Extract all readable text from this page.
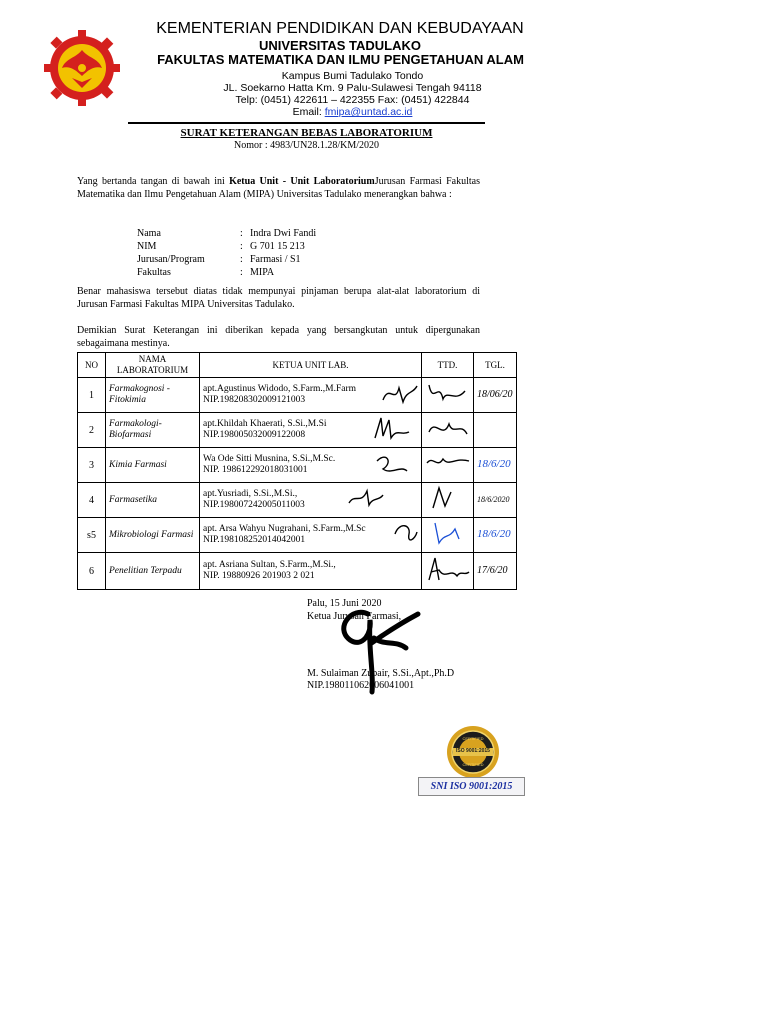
KEMENTERIAN PENDIDIKAN DAN KEBUDAYAAN
UNIVERSITAS TADULAKO
FAKULTAS MATEMATIKA DAN ILMU PENGETAHUAN ALAM
Kampus Bumi Tadulako Tondo
JL. Soekarno Hatta Km. 9 Palu-Sulawesi Tengah 94118
Telp: (0451) 422611 – 422355 Fax: (0451) 422844
Email: fmipa@untad.ac.id
SURAT KETERANGAN BEBAS LABORATORIUM
Nomor : 4983/UN28.1.28/KM/2020
Yang bertanda tangan di bawah ini Ketua Unit - Unit LaboratoriumJurusan Farmasi Fakultas Matematika dan Ilmu Pengetahuan Alam (MIPA) Universitas Tadulako menerangkan bahwa :
Nama	: Indra Dwi Fandi
NIM	: G 701 15 213
Jurusan/Program	: Farmasi / S1
Fakultas	: MIPA
Benar mahasiswa tersebut diatas tidak mempunyai pinjaman berupa alat-alat laboratorium di Jurusan Farmasi Fakultas MIPA Universitas Tadulako.
Demikian Surat Keterangan ini diberikan kepada yang bersangkutan untuk dipergunakan sebagaimana mestinya.
NO	NAMA LABORATORIUM	KETUA UNIT LAB.	TTD.	TGL.
1	Farmakognosi - Fitokimia	apt.Agustinus Widodo, S.Farm.,M.Farm
NIP.198208302009121003		18/06/20
2	Farmakologi-Biofarmasi	apt.Khildah Khaerati, S.Si.,M.Si
NIP.198005032009122008

3	Kimia Farmasi	Wa Ode Sitti Musnina, S.Si.,M.Sc.
NIP. 198612292018031001		18/6/20
4	Farmasetika	apt.Yusriadi, S.Si.,M.Si.,
NIP.198007242005011003		18/6/2020
s5	Mikrobiologi Farmasi	apt. Arsa Wahyu Nugrahani, S.Farm.,M.Sc
NIP.198108252014042001		18/6/20
6	Penelitian Terpadu	apt. Asriana Sultan, S.Farm.,M.Si.,
NIP. 19880926 201903 2 021		17/6/20
Palu, 15 Juni 2020
Ketua Jurusan Farmasi,
M. Sulaiman Zubair, S.Si.,Apt.,Ph.D
NIP.198011062006041001
CERTIFIED
ISO 9001:2015
CERTIFIED
SNI ISO 9001:2015
